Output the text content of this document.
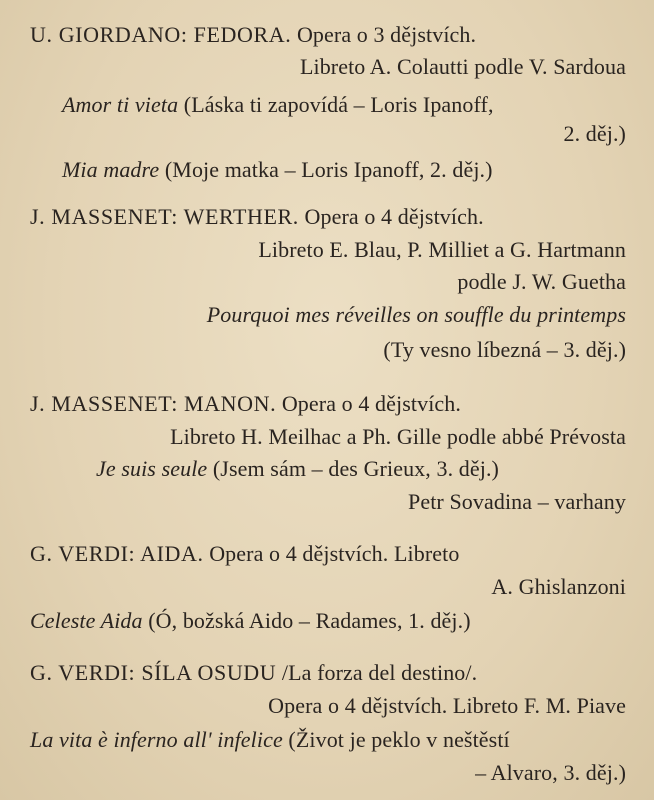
U. GIORDANO: FEDORA. Opera o 3 dějstvích.
Libreto A. Colautti podle V. Sardoua
Amor ti vieta (Láska ti zapovídá – Loris Ipanoff,
2. děj.)
Mia madre (Moje matka – Loris Ipanoff, 2. děj.)
J. MASSENET: WERTHER. Opera o 4 dějstvích.
Libreto E. Blau, P. Milliet a G. Hartmann
podle J. W. Guetha
Pourquoi mes réveilles on souffle du printemps
(Ty vesno líbezná – 3. děj.)
J. MASSENET: MANON. Opera o 4 dějstvích.
Libreto H. Meilhac a Ph. Gille podle abbé Prévosta
Je suis seule (Jsem sám – des Grieux, 3. děj.)
Petr Sovadina – varhany
G. VERDI: AIDA. Opera o 4 dějstvích. Libreto
A. Ghislanzoni
Celeste Aida (Ó, božská Aido – Radames, 1. děj.)
G. VERDI: SÍLA OSUDU /La forza del destino/.
Opera o 4 dějstvích. Libreto F. M. Piave
La vita è inferno all' infelice (Život je peklo v neštěstí
– Alvaro, 3. děj.)
